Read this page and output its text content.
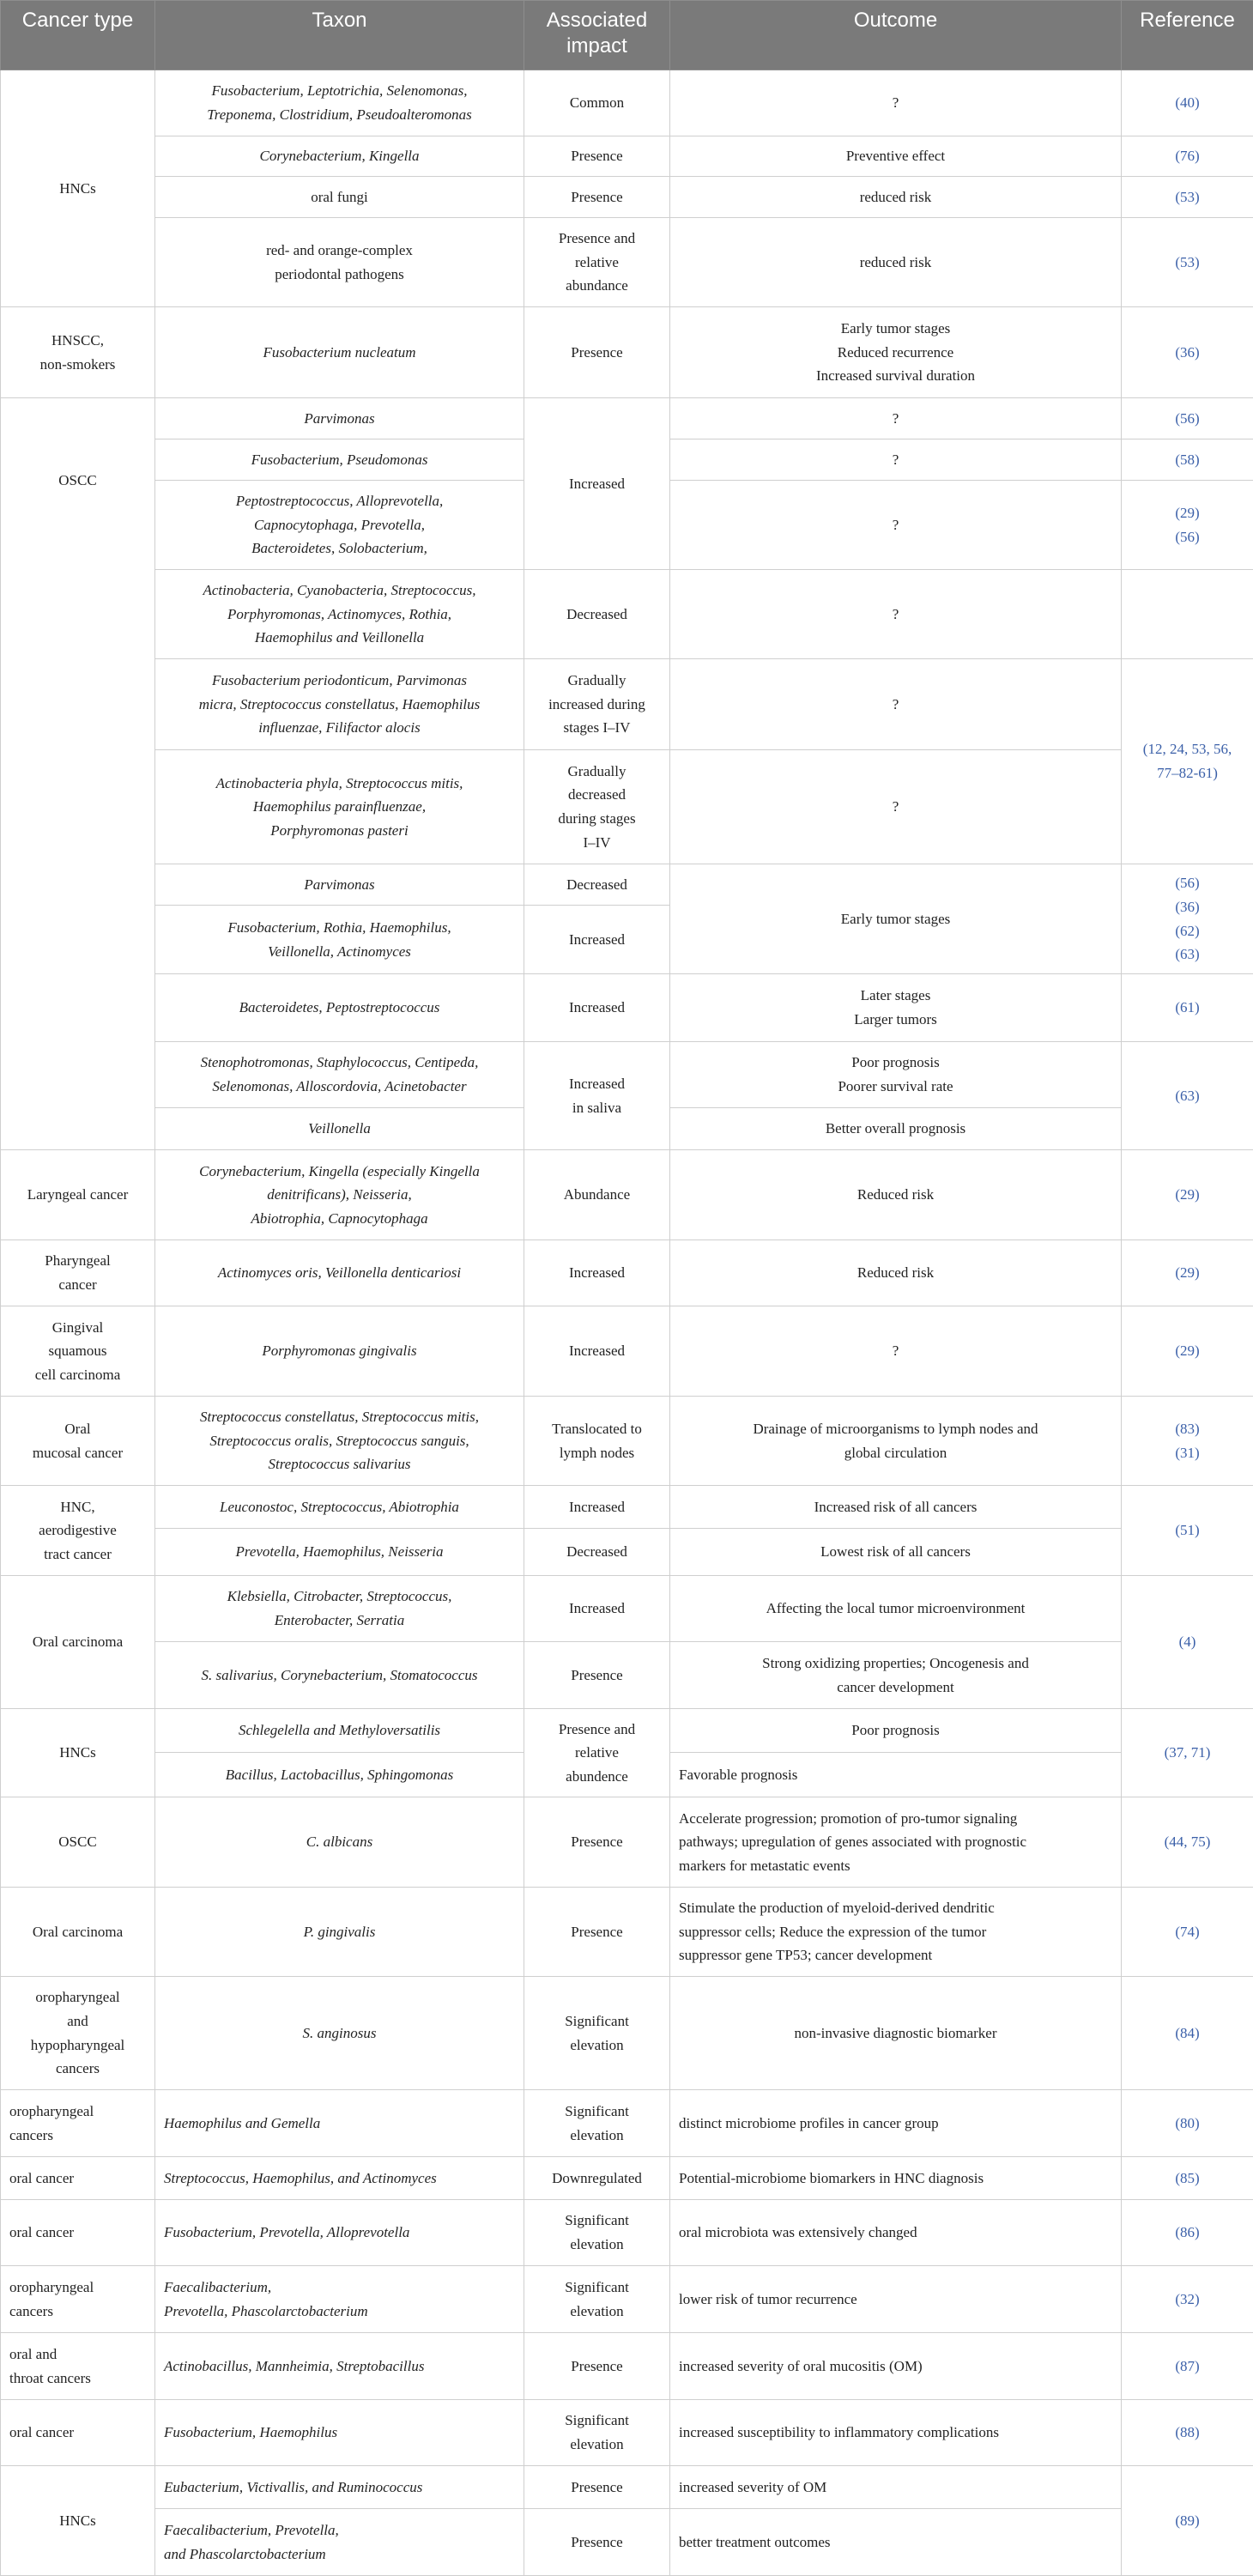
Cancer type	Taxon	Associated impact	Outcome	Reference
HNCs	Fusobacterium, Leptotrichia, Selenomonas,
Treponema, Clostridium, Pseudoalteromonas	Common	?	(40)
	Corynebacterium, Kingella	Presence	Preventive effect	(76)
	oral fungi	Presence	reduced risk	(53)

	red- and orange-complex
periodontal pathogens	Presence and
relative
abundance	reduced risk	(53)

HNSCC,
non-smokers	Fusobacterium nucleatum	Presence	Early tumor stages
Reduced recurrence
Increased survival duration	(36)
OSCC	Parvimonas	Increased	?	(56)
	Fusobacterium, Pseudomonas		?	(58)

	Peptostreptococcus, Alloprevotella,
Capnocytophaga, Prevotella,
Bacteroidetes, Solobacterium,		?	(29)
(56)

	Actinobacteria, Cyanobacteria, Streptococcus,
Porphyromonas, Actinomyces, Rothia,
Haemophilus and Veillonella	Decreased	?	

	Fusobacterium periodonticum, Parvimonas
micra, Streptococcus constellatus, Haemophilus
influenzae, Filifactor alocis	Gradually
increased during
stages I–IV	?	(12, 24, 53, 56,
77–82-61)

	Actinobacteria phyla, Streptococcus mitis,
Haemophilus parainfluenzae,
Porphyromonas pasteri	Gradually
decreased
during stages
I–IV	?	
	Parvimonas	Decreased	Early tumor stages	(56)
(36)
(62)
(63)

	Fusobacterium, Rothia, Haemophilus,
Veillonella, Actinomyces	Increased		
	Bacteroidetes, Peptostreptococcus	Increased	Later stages
Larger tumors	(61)

	Stenophotromonas, Staphylococcus, Centipeda,
Selenomonas, Alloscordovia, Acinetobacter	Increased
in saliva	Poor prognosis
Poorer survival rate	(63)
	Veillonella		Better overall prognosis	
Laryngeal cancer	Corynebacterium, Kingella (especially Kingella
denitrificans), Neisseria,
Abiotrophia, Capnocytophaga	Abundance	Reduced risk	(29)

Pharyngeal
cancer	Actinomyces oris, Veillonella denticariosi	Increased	Reduced risk	(29)

Gingival
squamous
cell carcinoma	Porphyromonas gingivalis	Increased	?	(29)

Oral
mucosal cancer	Streptococcus constellatus, Streptococcus mitis,
Streptococcus oralis, Streptococcus sanguis,
Streptococcus salivarius	Translocated to
lymph nodes	Drainage of microorganisms to lymph nodes and
global circulation	(83)
(31)

HNC,
aerodigestive
tract cancer	Leuconostoc, Streptococcus, Abiotrophia	Increased	Increased risk of all cancers	(51)
	Prevotella, Haemophilus, Neisseria	Decreased	Lowest risk of all cancers	
Oral carcinoma	Klebsiella, Citrobacter, Streptococcus,
Enterobacter, Serratia	Increased	Affecting the local tumor microenvironment	(4)
	S. salivarius, Corynebacterium, Stomatococcus	Presence	Strong oxidizing properties; Oncogenesis and
cancer development	

HNCs	Schlegelella and Methyloversatilis	Presence and
relative
abundence	Poor prognosis	(37, 71)
	Bacillus, Lactobacillus, Sphingomonas		Favorable prognosis	
OSCC	C. albicans	Presence	Accelerate progression; promotion of pro-tumor signaling
pathways; upregulation of genes associated with prognostic
markers for metastatic events	(44, 75)
Oral carcinoma	P. gingivalis	Presence	Stimulate the production of myeloid-derived dendritic
suppressor cells; Reduce the expression of the tumor
suppressor gene TP53; cancer development	(74)

oropharyngeal
and
hypopharyngeal
cancers	S. anginosus	Significant
elevation	non-invasive diagnostic biomarker	(84)

oropharyngeal
cancers	Haemophilus and Gemella	Significant
elevation	distinct microbiome profiles in cancer group	(80)
oral cancer	Streptococcus, Haemophilus, and Actinomyces	Downregulated	Potential-microbiome biomarkers in HNC diagnosis	(85)
oral cancer	Fusobacterium, Prevotella, Alloprevotella	Significant
elevation	oral microbiota was extensively changed	(86)

oropharyngeal
cancers	Faecalibacterium,
Prevotella, Phascolarctobacterium	Significant
elevation	lower risk of tumor recurrence	(32)

oral and
throat cancers	Actinobacillus, Mannheimia, Streptobacillus	Presence	increased severity of oral mucositis (OM)	(87)
oral cancer	Fusobacterium, Haemophilus	Significant
elevation	increased susceptibility to inflammatory complications	(88)
HNCs	Eubacterium, Victivallis, and Ruminococcus	Presence	increased severity of OM	(89)

	Faecalibacterium, Prevotella,
and Phascolarctobacterium	Presence	better treatment outcomes	
